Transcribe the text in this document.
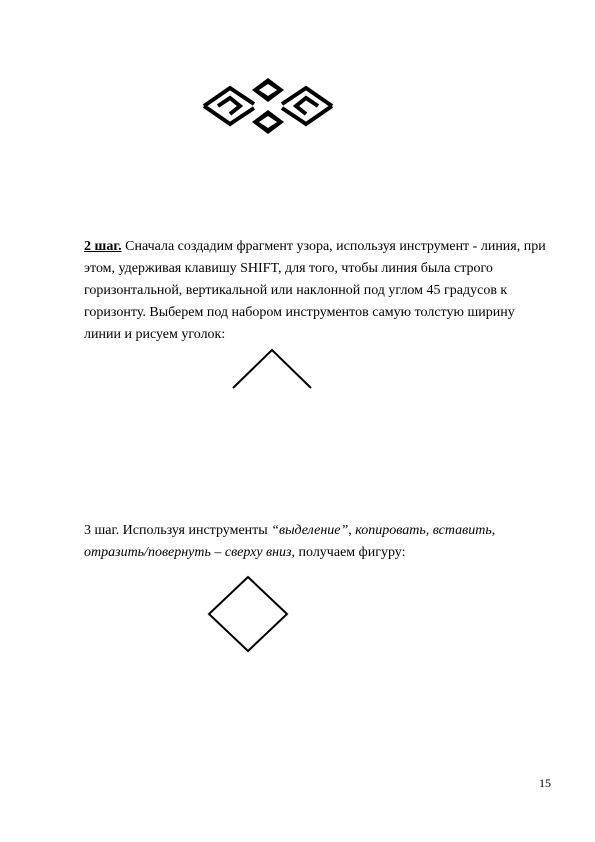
2 шаг. Сначала создадим фрагмент узора, используя инструмент - линия, при этом, удерживая клавишу SHIFT, для того, чтобы линия была строго горизонтальной, вертикальной или наклонной под углом 45 градусов к горизонту. Выберем под набором инструментов самую толстую ширину линии и рисуем уголок:
3 шаг. Используя инструменты “выделение”, копировать, вставить, отразить/повернуть – сверху вниз, получаем фигуру:
15
